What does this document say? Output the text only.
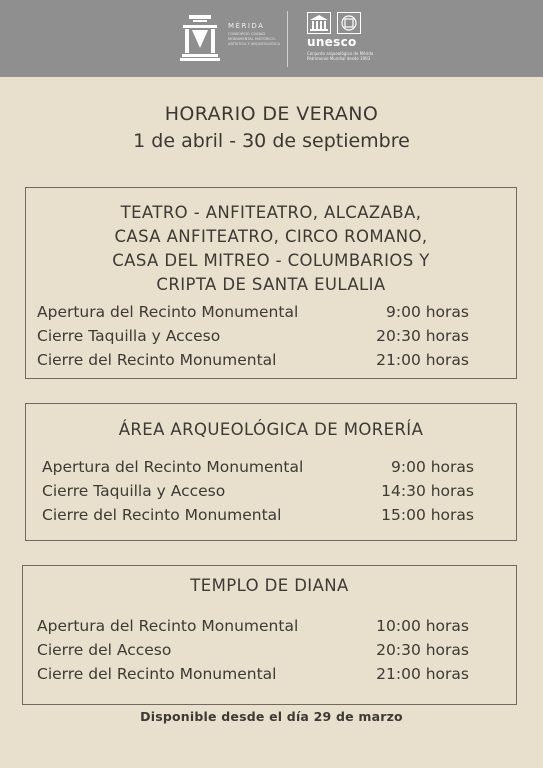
MÉRIDA
CONSORCIO CIUDAD MONUMENTAL HISTÓRICO-ARTÍSTICA Y ARQUEOLÓGICA	unesco
Conjunto arqueológico de Mérida Patrimonio Mundial desde 1993
HORARIO DE VERANO
1 de abril - 30 de septiembre
TEATRO - ANFITEATRO, ALCAZABA,
CASA ANFITEATRO, CIRCO ROMANO,
CASA DEL MITREO - COLUMBARIOS Y
CRIPTA DE SANTA EULALIA
Apertura del Recinto Monumental	9:00 horas
Cierre Taquilla y Acceso	20:30 horas
Cierre del Recinto Monumental	21:00 horas
ÁREA ARQUEOLÓGICA DE MORERÍA
Apertura del Recinto Monumental	9:00 horas
Cierre Taquilla y Acceso	14:30 horas
Cierre del Recinto Monumental	15:00 horas
TEMPLO DE DIANA
Apertura del Recinto Monumental	10:00 horas
Cierre del Acceso	20:30 horas
Cierre del Recinto Monumental	21:00 horas
Disponible desde el día 29 de marzo
